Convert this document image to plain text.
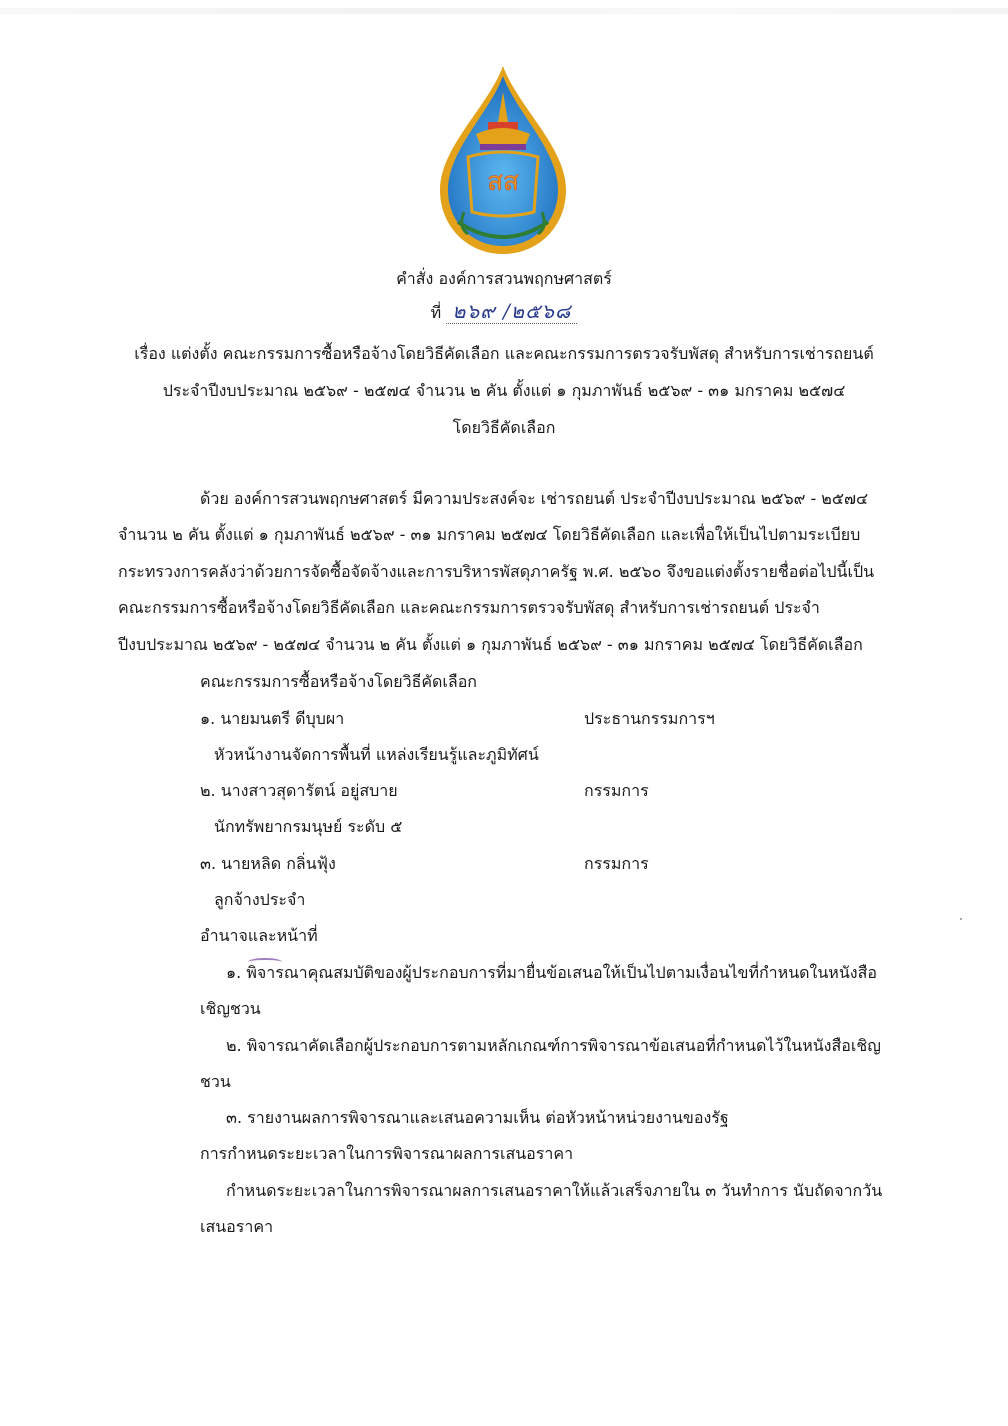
สส
คำสั่ง องค์การสวนพฤกษศาสตร์
ที่ ๒๖๙ /๒๕๖๘
เรื่อง แต่งตั้ง คณะกรรมการซื้อหรือจ้างโดยวิธีคัดเลือก และคณะกรรมการตรวจรับพัสดุ สำหรับการเช่ารถยนต์
ประจำปีงบประมาณ ๒๕๖๙ - ๒๕๗๔ จำนวน ๒ คัน ตั้งแต่ ๑ กุมภาพันธ์ ๒๕๖๙ - ๓๑ มกราคม ๒๕๗๔
โดยวิธีคัดเลือก
ด้วย องค์การสวนพฤกษศาสตร์ มีความประสงค์จะ เช่ารถยนต์ ประจำปีงบประมาณ ๒๕๖๙ - ๒๕๗๔
จำนวน ๒ คัน ตั้งแต่ ๑ กุมภาพันธ์ ๒๕๖๙ - ๓๑ มกราคม ๒๕๗๔ โดยวิธีคัดเลือก และเพื่อให้เป็นไปตามระเบียบ
กระทรวงการคลังว่าด้วยการจัดซื้อจัดจ้างและการบริหารพัสดุภาครัฐ พ.ศ. ๒๕๖๐ จึงขอแต่งตั้งรายชื่อต่อไปนี้เป็น
คณะกรรมการซื้อหรือจ้างโดยวิธีคัดเลือก และคณะกรรมการตรวจรับพัสดุ สำหรับการเช่ารถยนต์ ประจำ
ปีงบประมาณ ๒๕๖๙ - ๒๕๗๔ จำนวน ๒ คัน ตั้งแต่ ๑ กุมภาพันธ์ ๒๕๖๙ - ๓๑ มกราคม ๒๕๗๔ โดยวิธีคัดเลือก
คณะกรรมการซื้อหรือจ้างโดยวิธีคัดเลือก
๑. นายมนตรี ดีบุบผา	ประธานกรรมการฯ
หัวหน้างานจัดการพื้นที่ แหล่งเรียนรู้และภูมิทัศน์
๒. นางสาวสุดารัตน์ อยู่สบาย	กรรมการ
นักทรัพยากรมนุษย์ ระดับ ๕
๓. นายหลิด กลิ่นฟุ้ง	กรรมการ
ลูกจ้างประจำ
อำนาจและหน้าที่
๑. พิจารณาคุณสมบัติของผู้ประกอบการที่มายื่นข้อเสนอให้เป็นไปตามเงื่อนไขที่กำหนดในหนังสือ
เชิญชวน
๒. พิจารณาคัดเลือกผู้ประกอบการตามหลักเกณฑ์การพิจารณาข้อเสนอที่กำหนดไว้ในหนังสือเชิญ
ชวน
๓. รายงานผลการพิจารณาและเสนอความเห็น ต่อหัวหน้าหน่วยงานของรัฐ
การกำหนดระยะเวลาในการพิจารณาผลการเสนอราคา
กำหนดระยะเวลาในการพิจารณาผลการเสนอราคาให้แล้วเสร็จภายใน ๓ วันทำการ นับถัดจากวัน
เสนอราคา
